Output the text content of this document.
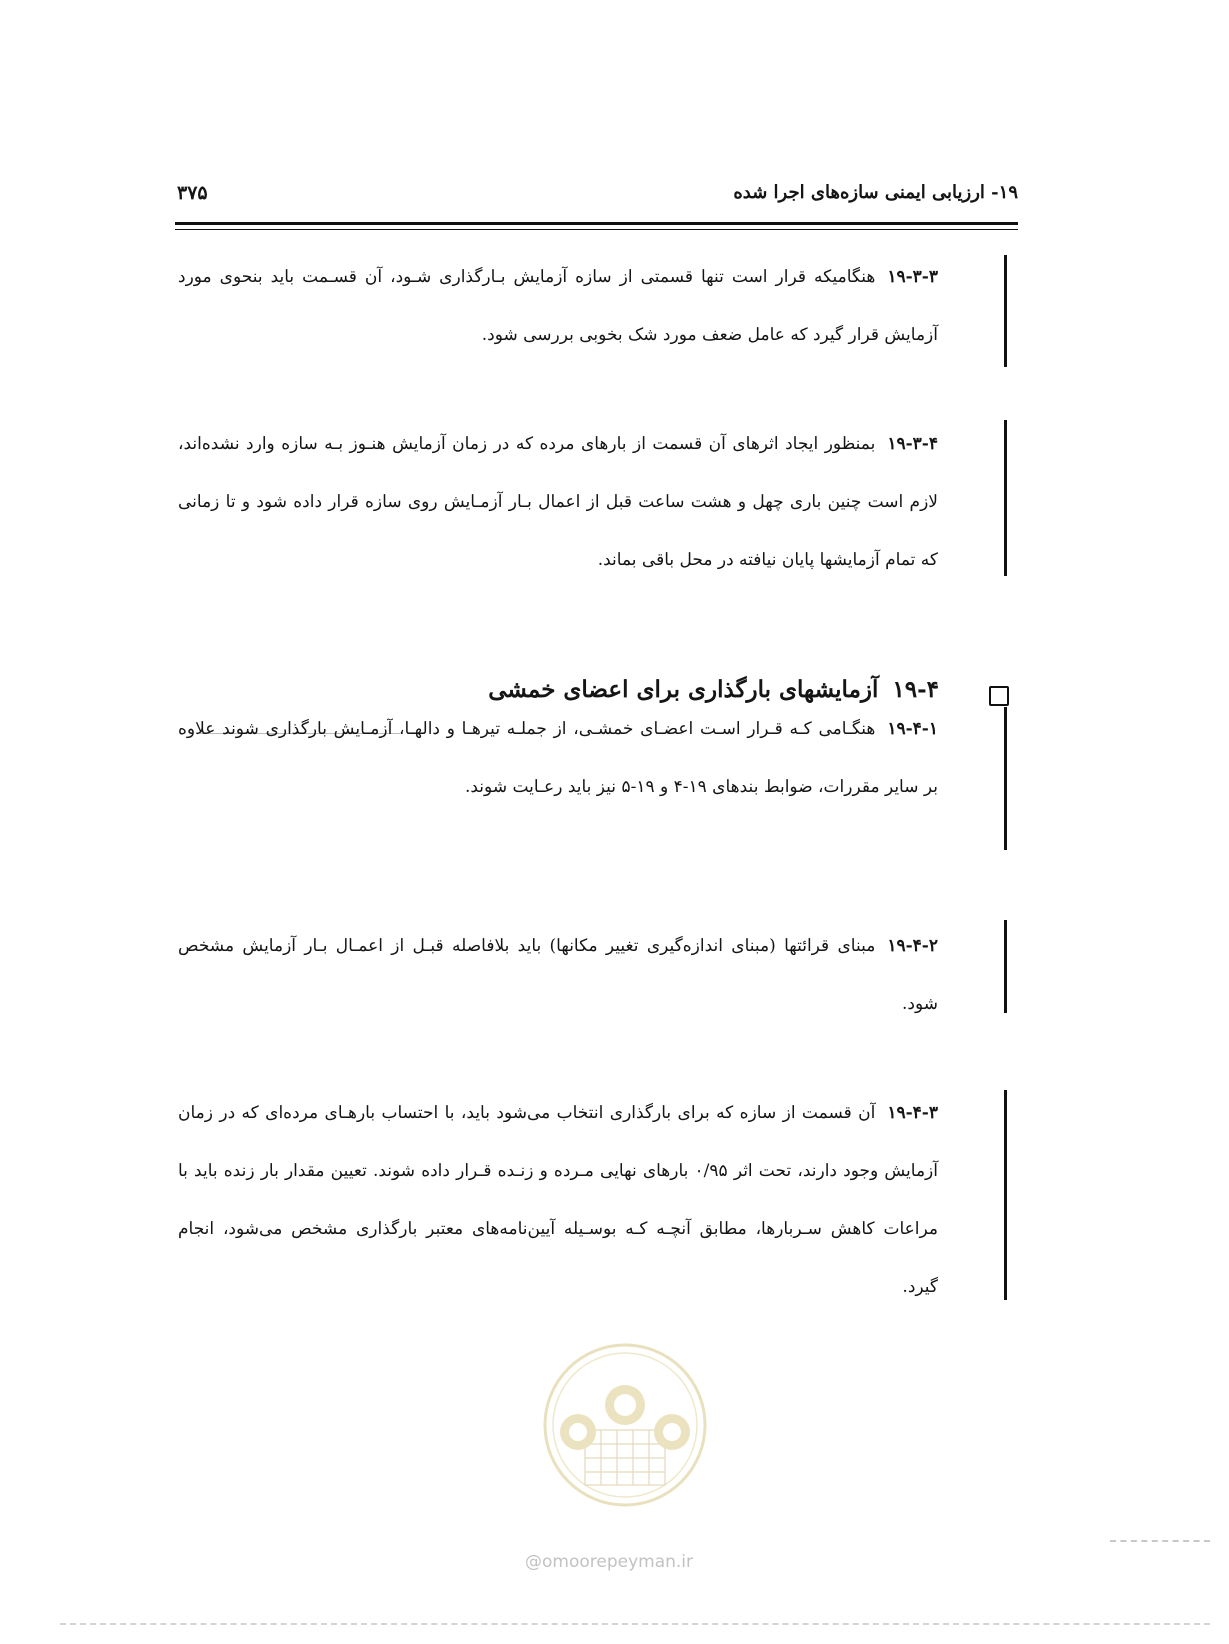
۱۹- ارزیابی ایمنی سازه‌های اجرا شده
۳۷۵

۱۹-۳-۳هنگامیکه قرار است تنها قسمتی از سازه آزمایش بـارگذاری شـود، آن قسـمت باید بنحوی مورد آزمایش قرار گیرد که عامل ضعف مورد شک بخوبی بررسی شود.

۱۹-۳-۴بمنظور ایجاد اثرهای آن قسمت از بارهای مرده که در زمان آزمایش هنـوز بـه سازه وارد نشده‌اند، لازم است چنین باری چهل و هشت ساعت قبل از اعمال بـار آزمـایش روی سازه قرار داده شود و تا زمانی که تمام آزمایشها پایان نیافته در محل باقی بماند.

۱۹-۴آزمایشهای بارگذاری برای اعضای خمشی

۱۹-۴-۱هنگـامی کـه قـرار اسـت اعضـای خمشـی، از جملـه تیرهـا و دالهـا، آزمـایش بارگذاری شوند علاوه بر سایر مقررات، ضوابط بندهای ۱۹-۴ و ۱۹-۵ نیز باید رعـایت شوند.

۱۹-۴-۲مبنای قرائتها (مبنای اندازه‌گیری تغییر مکانها) باید بلافاصله قبـل از اعمـال بـار آزمایش مشخص شود.

۱۹-۴-۳آن قسمت از سازه که برای بارگذاری انتخاب می‌شود باید، با احتساب بارهـای مرده‌ای که در زمان آزمایش وجود دارند، تحت اثر ۰/۹۵ بارهای نهایی مـرده و زنـده قـرار داده شوند. تعیین مقدار بار زنده باید با مراعات کاهش سـربارها، مطابق آنچـه کـه بوسـیله آیین‌نامه‌های معتبر بارگذاری مشخص می‌شود، انجام گیرد.

@omoorepeyman.ir
